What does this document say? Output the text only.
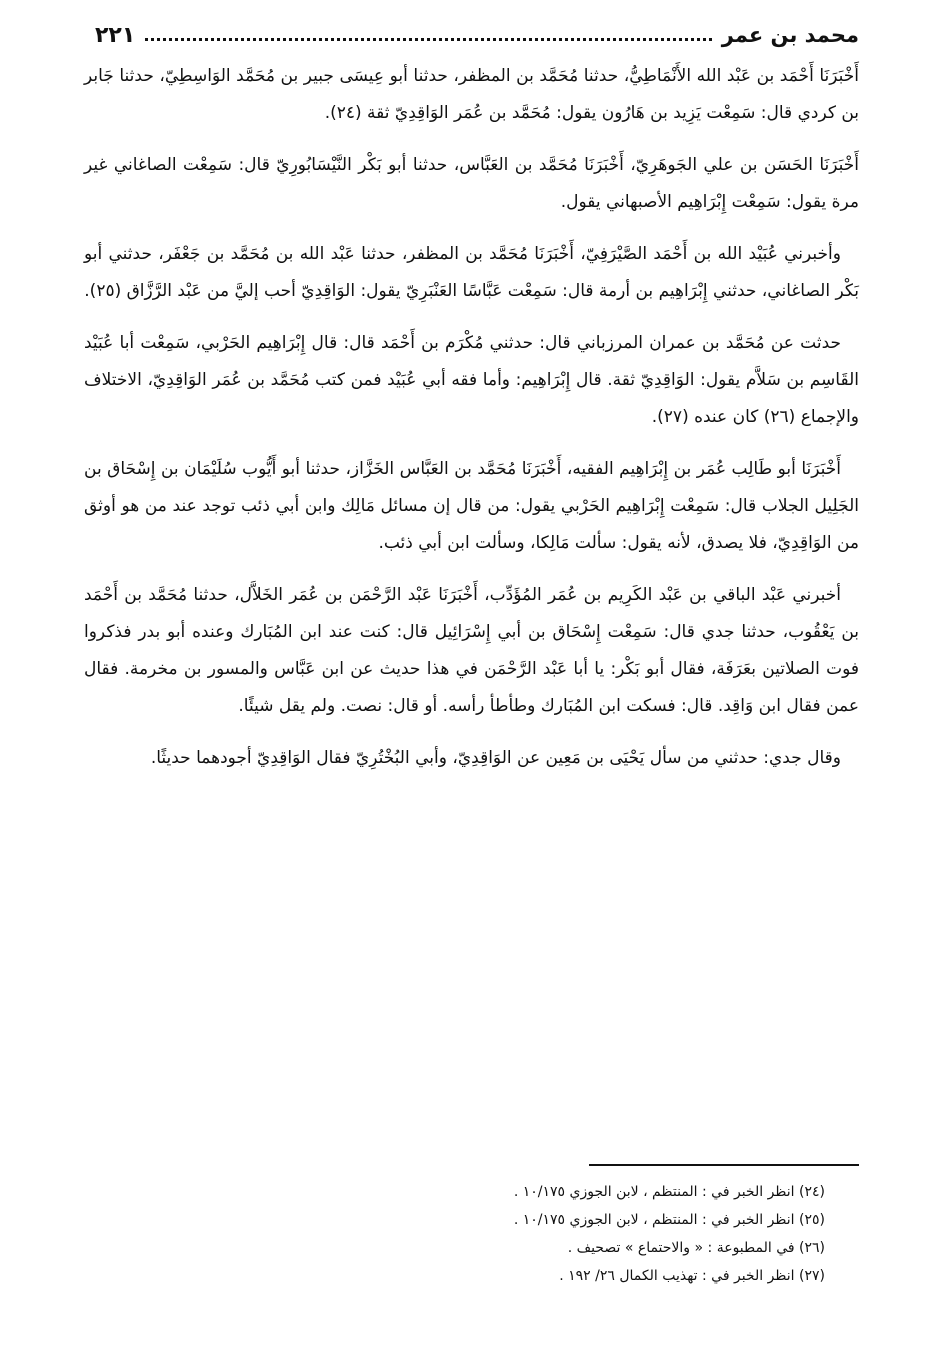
محمد بن عمر
٢٢١

أَخْبَرَنَا أَحْمَد بن عَبْد الله الأَنْمَاطِيُّ، حدثنا مُحَمَّد بن المظفر، حدثنا أبو عِيسَى جبير بن مُحَمَّد الوَاسِطِيّ، حدثنا جَابر بن كردي قال: سَمِعْت يَزِيد بن هَارُون يقول: مُحَمَّد بن عُمَر الوَاقِدِيّ ثقة (٢٤).

أَخْبَرَنَا الحَسَن بن علي الجَوهَرِيّ، أَخْبَرَنَا مُحَمَّد بن العَبَّاس، حدثنا أبو بَكْر النَّيْسَابُورِيّ قال: سَمِعْت الصاغاني غير مرة يقول: سَمِعْت إِبْرَاهِيم الأصبهاني يقول.

وأخبرني عُبَيْد الله بن أَحْمَد الصَّيْرَفِيّ، أَخْبَرَنَا مُحَمَّد بن المظفر، حدثنا عَبْد الله بن مُحَمَّد بن جَعْفَر، حدثني أبو بَكْر الصاغاني، حدثني إِبْرَاهِيم بن أرمة قال: سَمِعْت عَبَّاسًا العَنْبَرِيّ يقول: الوَاقِدِيّ أحب إليَّ من عَبْد الرَّزَّاق (٢٥).

حدثت عن مُحَمَّد بن عمران المرزباني قال: حدثني مُكْرَم بن أَحْمَد قال: قال إِبْرَاهِيم الحَرْبي، سَمِعْت أبا عُبَيْد القَاسِم بن سَلاَّم يقول: الوَاقِدِيّ ثقة. قال إِبْرَاهِيم: وأما فقه أبي عُبَيْد فمن كتب مُحَمَّد بن عُمَر الوَاقِدِيّ، الاختلاف والإجماع (٢٦) كان عنده (٢٧).

أَخْبَرَنَا أبو طَالِب عُمَر بن إِبْرَاهِيم الفقيه، أَخْبَرَنَا مُحَمَّد بن العَبَّاس الخَزَّاز، حدثنا أبو أَيُّوب سُلَيْمَان بن إِسْحَاق بن الجَلِيل الجلاب قال: سَمِعْت إِبْرَاهِيم الحَرْبي يقول: من قال إن مسائل مَالِك وابن أبي ذئب توجد عند من هو أوثق من الوَاقِدِيّ، فلا يصدق، لأنه يقول: سألت مَالِكا، وسألت ابن أبي ذئب.

أخبرني عَبْد الباقي بن عَبْد الكَرِيم بن عُمَر المُؤَدِّب، أَخْبَرَنَا عَبْد الرَّحْمَن بن عُمَر الخَلاَّل، حدثنا مُحَمَّد بن أَحْمَد بن يَعْقُوب، حدثنا جدي قال: سَمِعْت إِسْحَاق بن أبي إِسْرَائِيل قال: كنت عند ابن المُبَارك وعنده أبو بدر فذكروا فوت الصلاتين بعَرَفَة، فقال أبو بَكْر: يا أبا عَبْد الرَّحْمَن في هذا حديث عن ابن عَبَّاس والمسور بن مخرمة. فقال عمن فقال ابن وَاقِد. قال: فسكت ابن المُبَارك وطأطأ رأسه. أو قال: نصت. ولم يقل شيئًا.

وقال جدي: حدثني من سأل يَحْيَى بن مَعِين عن الوَاقِدِيّ، وأبي البُخْتُرِيّ فقال الوَاقِدِيّ أجودهما حديثًا.

(٢٤) انظر الخبر في : المنتظم ، لابن الجوزي ١٠/١٧٥ .

(٢٥) انظر الخبر في : المنتظم ، لابن الجوزي ١٠/١٧٥ .

(٢٦) في المطبوعة : « والاحتماع » تصحيف .

(٢٧) انظر الخبر في : تهذيب الكمال ٢٦/ ١٩٢ .
